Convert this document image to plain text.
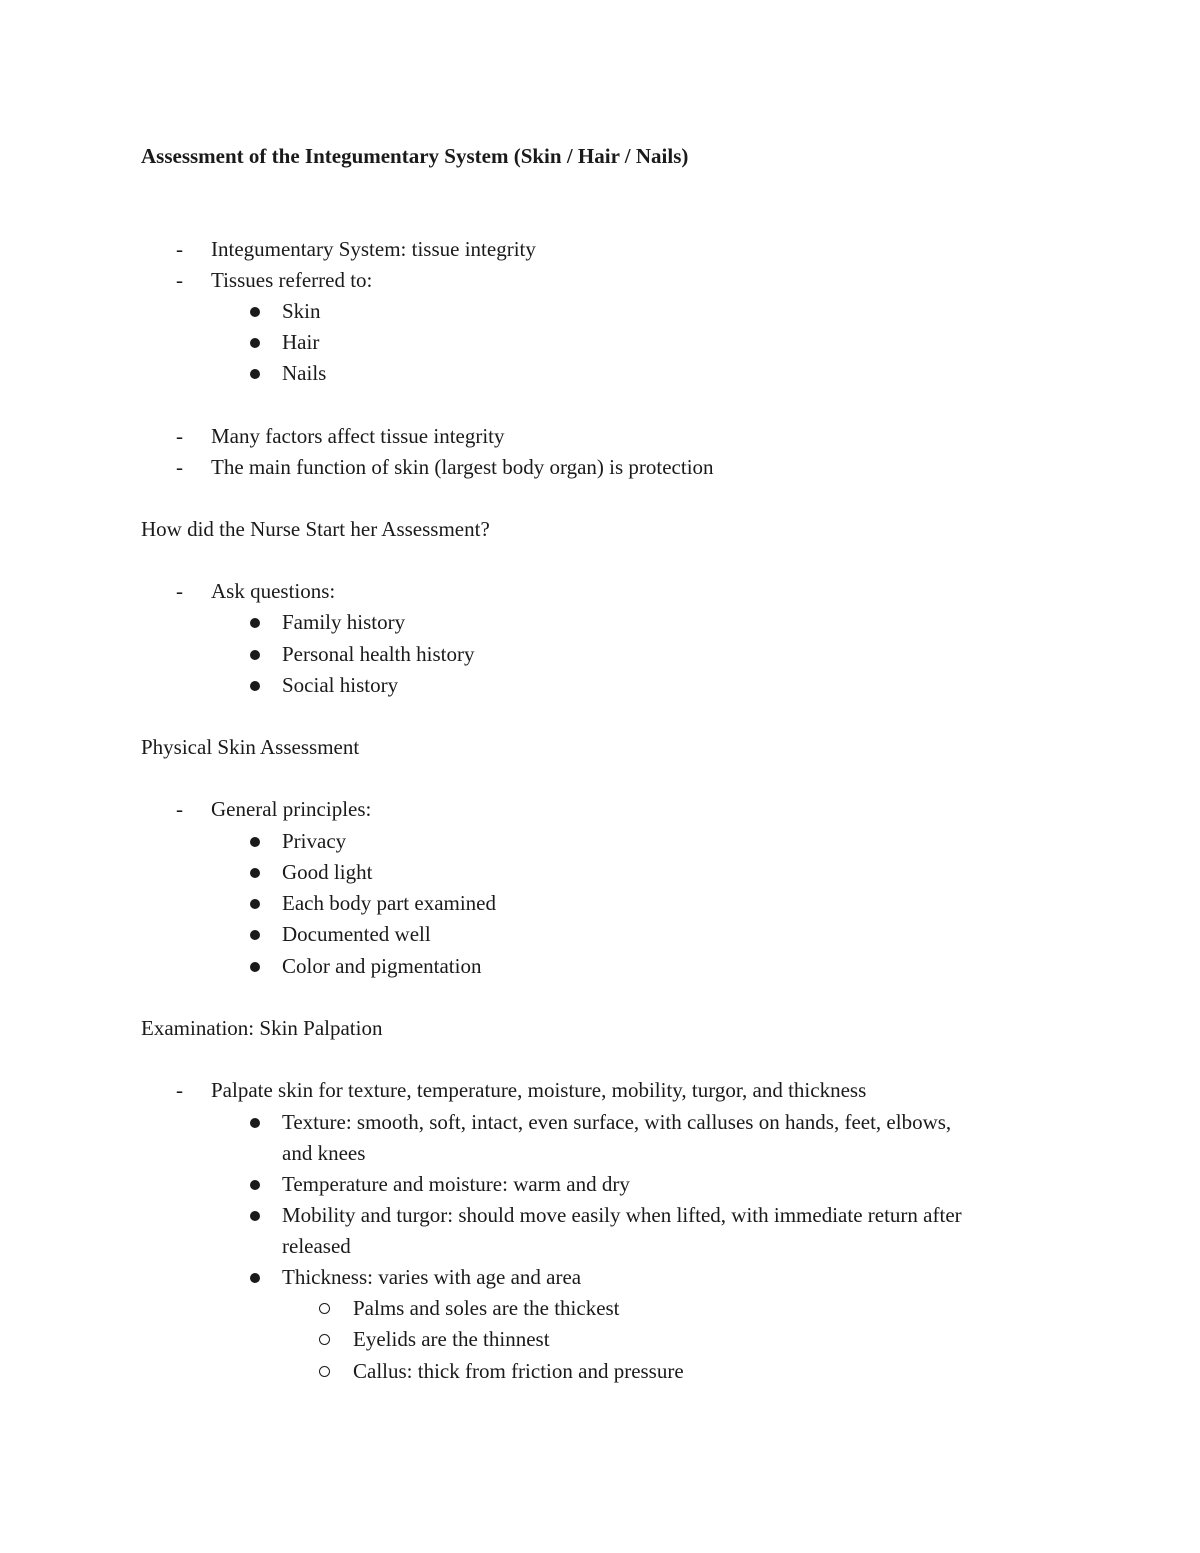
Assessment of the Integumentary System (Skin / Hair / Nails)
- Integumentary System: tissue integrity
- Tissues referred to:
Skin
Hair
Nails
- Many factors affect tissue integrity
- The main function of skin (largest body organ) is protection
How did the Nurse Start her Assessment?
- Ask questions:
Family history
Personal health history
Social history
Physical Skin Assessment
- General principles:
Privacy
Good light
Each body part examined
Documented well
Color and pigmentation
Examination: Skin Palpation
- Palpate skin for texture, temperature, moisture, mobility, turgor, and thickness
Texture: smooth, soft, intact, even surface, with calluses on hands, feet, elbows,
and knees
Temperature and moisture: warm and dry
Mobility and turgor: should move easily when lifted, with immediate return after
released
Thickness: varies with age and area
Palms and soles are the thickest
Eyelids are the thinnest
Callus: thick from friction and pressure
